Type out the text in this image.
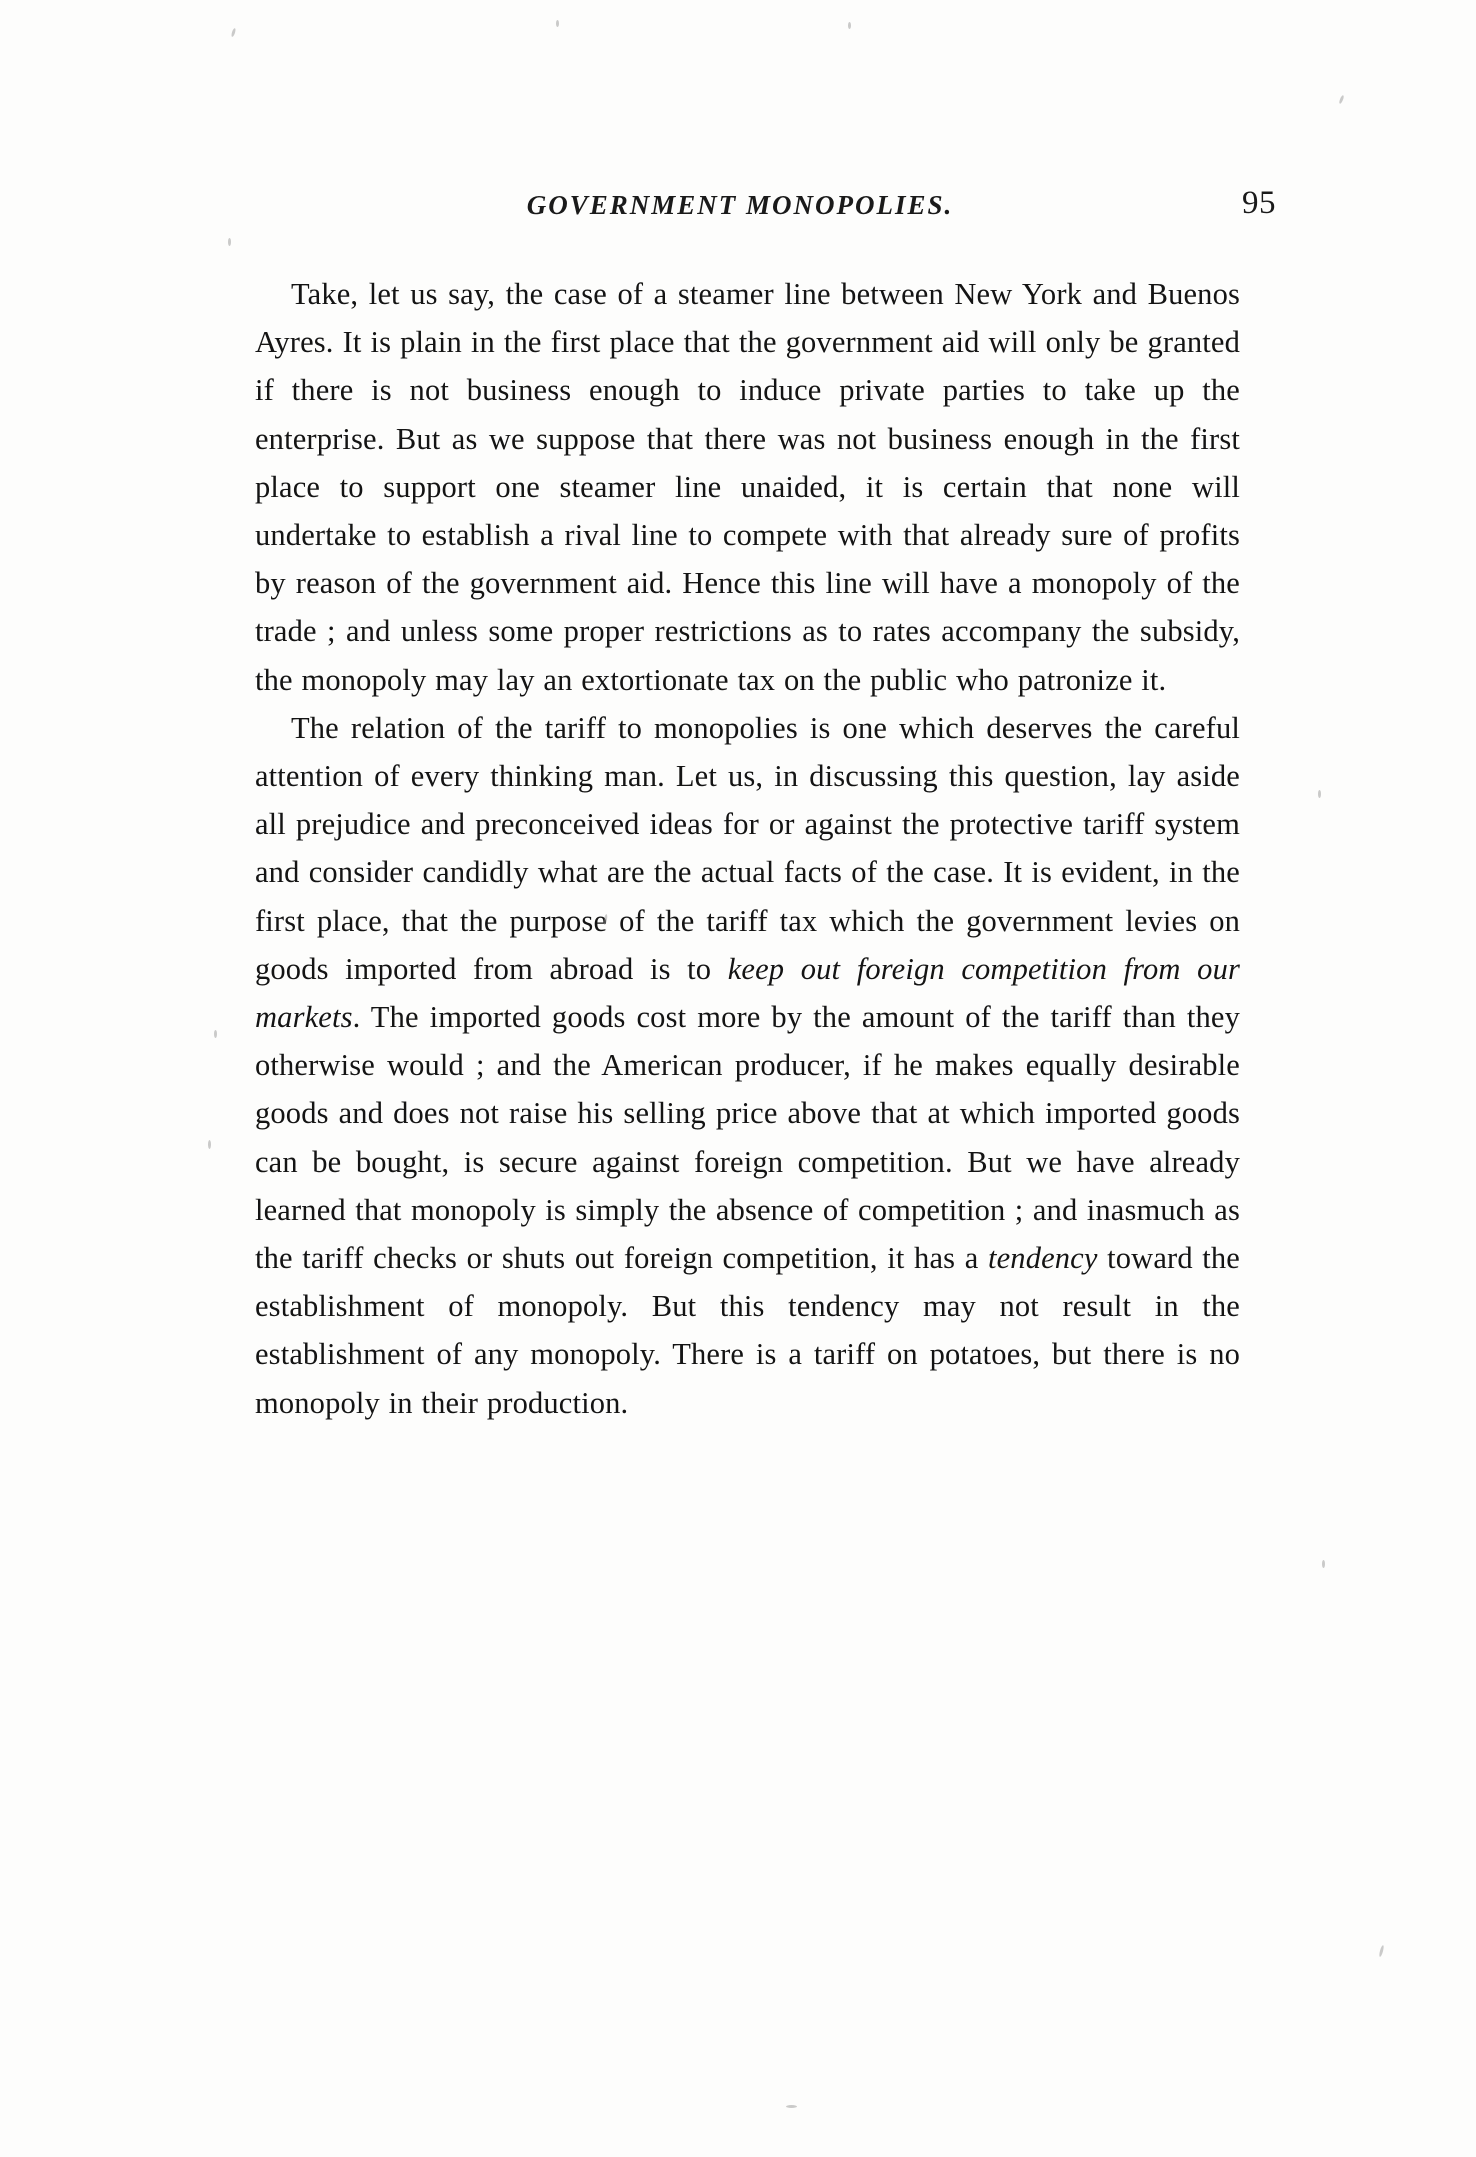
GOVERNMENT MONOPOLIES.	95

Take, let us say, the case of a steamer line between New York and Buenos Ayres. It is plain in the first place that the government aid will only be granted if there is not business enough to induce private parties to take up the enterprise. But as we suppose that there was not business enough in the first place to support one steamer line unaided, it is certain that none will undertake to establish a rival line to compete with that already sure of profits by reason of the government aid. Hence this line will have a monopoly of the trade ; and unless some proper restrictions as to rates accompany the subsidy, the monopoly may lay an extortionate tax on the public who patronize it.

The relation of the tariff to monopolies is one which deserves the careful attention of every thinking man. Let us, in discussing this question, lay aside all prejudice and preconceived ideas for or against the protective tariff system and consider candidly what are the actual facts of the case. It is evident, in the first place, that the purpose of the tariff tax which the government levies on goods imported from abroad is to keep out foreign competition from our markets. The imported goods cost more by the amount of the tariff than they otherwise would ; and the American producer, if he makes equally desirable goods and does not raise his selling price above that at which imported goods can be bought, is secure against foreign competition. But we have already learned that monopoly is simply the absence of competition ; and inasmuch as the tariff checks or shuts out foreign competition, it has a tendency toward the establishment of monopoly. But this tendency may not result in the establishment of any monopoly. There is a tariff on potatoes, but there is no monopoly in their production.
